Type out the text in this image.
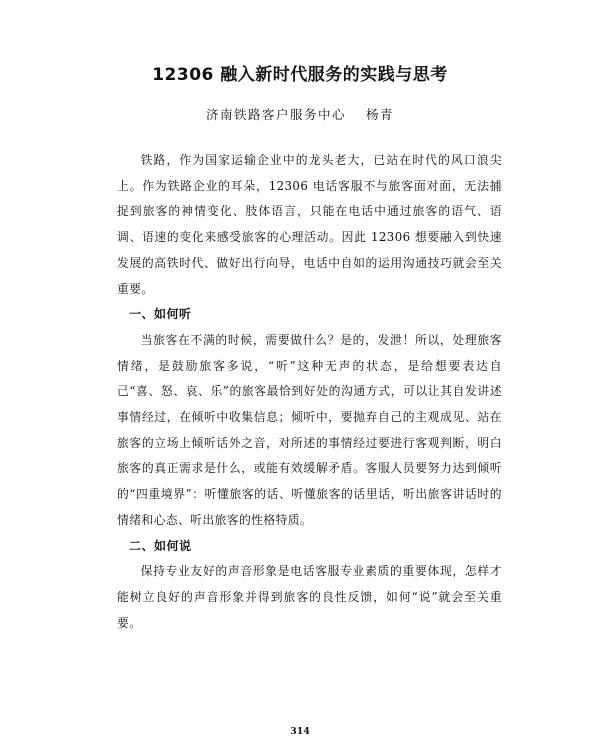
12306 融入新时代服务的实践与思考
济南铁路客户服务中心 杨青

铁路，作为国家运输企业中的龙头老大，已站在时代的风口浪尖上。作为铁路企业的耳朵，12306 电话客服不与旅客面对面，无法捕捉到旅客的神情变化、肢体语言，只能在电话中通过旅客的语气、语调、语速的变化来感受旅客的心理活动。因此 12306 想要融入到快速发展的高铁时代、做好出行向导，电话中自如的运用沟通技巧就会至关重要。

一、如何听

当旅客在不满的时候，需要做什么？是的，发泄！所以，处理旅客情绪，是鼓励旅客多说，“听”这种无声的状态，是给想要表达自己“喜、怒、哀、乐”的旅客最恰到好处的沟通方式，可以让其自发讲述事情经过，在倾听中收集信息；倾听中，要抛弃自己的主观成见、站在旅客的立场上倾听话外之音，对所述的事情经过要进行客观判断，明白旅客的真正需求是什么，或能有效缓解矛盾。客服人员要努力达到倾听的“四重境界”：听懂旅客的话、听懂旅客的话里话，听出旅客讲话时的情绪和心态、听出旅客的性格特质。

二、如何说

保持专业友好的声音形象是电话客服专业素质的重要体现，怎样才能树立良好的声音形象并得到旅客的良性反馈，如何“说”就会至关重要。

314
